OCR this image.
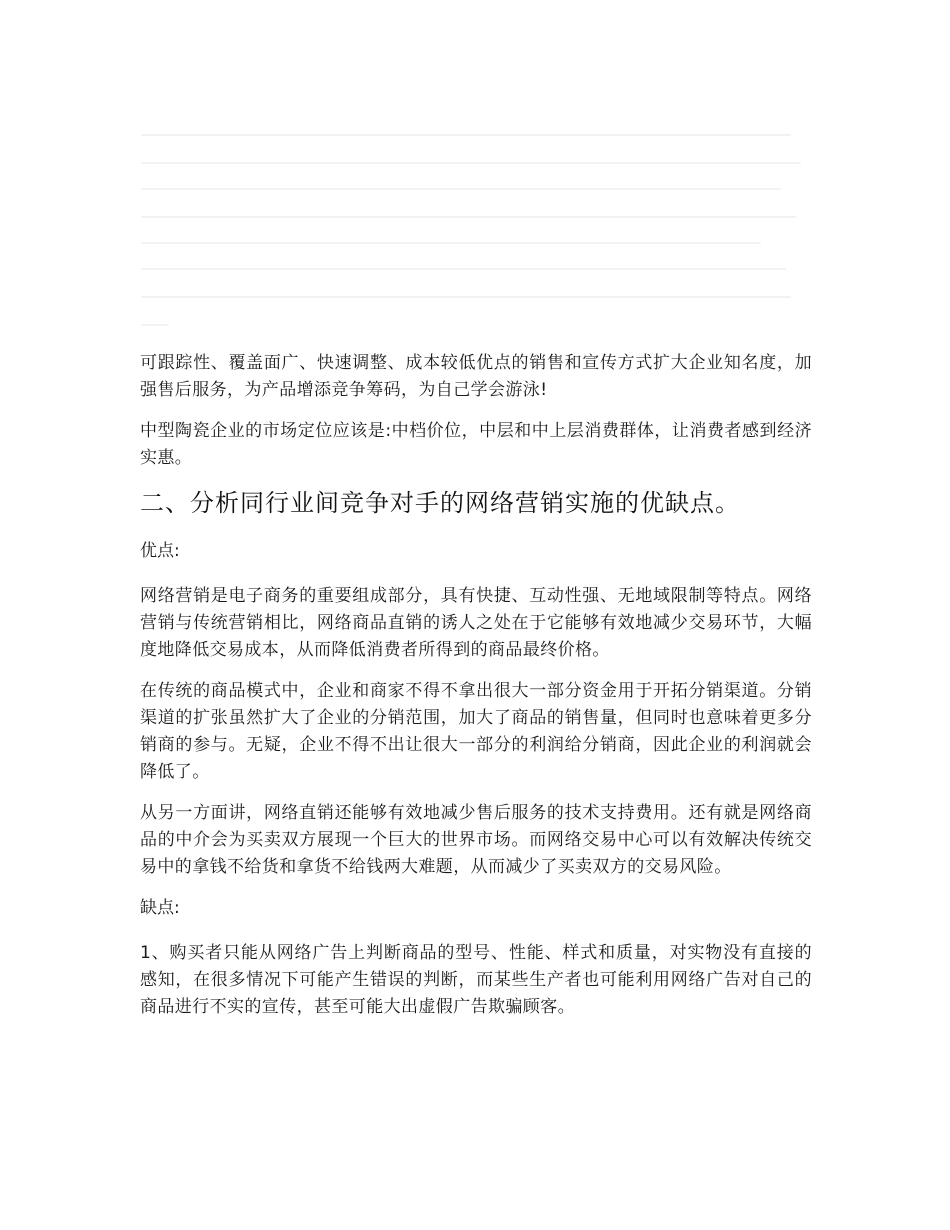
可跟踪性、覆盖面广、快速调整、成本较低优点的销售和宣传方式扩大企业知名度，加强售后服务，为产品增添竞争筹码，为自己学会游泳!

中型陶瓷企业的市场定位应该是:中档价位，中层和中上层消费群体，让消费者感到经济实惠。

二、分析同行业间竞争对手的网络营销实施的优缺点。

优点:

网络营销是电子商务的重要组成部分，具有快捷、互动性强、无地域限制等特点。网络营销与传统营销相比，网络商品直销的诱人之处在于它能够有效地减少交易环节，大幅度地降低交易成本，从而降低消费者所得到的商品最终价格。

在传统的商品模式中，企业和商家不得不拿出很大一部分资金用于开拓分销渠道。分销渠道的扩张虽然扩大了企业的分销范围，加大了商品的销售量，但同时也意味着更多分销商的参与。无疑，企业不得不出让很大一部分的利润给分销商，因此企业的利润就会降低了。

从另一方面讲，网络直销还能够有效地减少售后服务的技术支持费用。还有就是网络商品的中介会为买卖双方展现一个巨大的世界市场。而网络交易中心可以有效解决传统交易中的拿钱不给货和拿货不给钱两大难题，从而减少了买卖双方的交易风险。

缺点:

1、购买者只能从网络广告上判断商品的型号、性能、样式和质量，对实物没有直接的感知，在很多情况下可能产生错误的判断，而某些生产者也可能利用网络广告对自己的商品进行不实的宣传，甚至可能大出虚假广告欺骗顾客。
